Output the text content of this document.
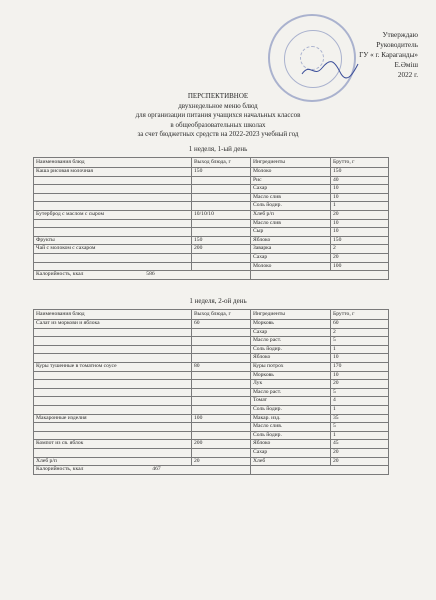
Утверждаю
Руководитель
ГУ « г. Караганды»
Е.Әміш
2022 г.
ПЕРСПЕКТИВНОЕ
двухнедельное меню блюд
для организации питания учащихся начальных классов
в общеобразовательных школах
за счет бюджетных средств на 2022-2023 учебный год
1 неделя, 1-ый день
Наименования блюд	Выход блюда, г	Ингредиенты	Брутто, г
Каша рисовая молочная	150	Молоко	150
		Рис	40
		Сахар	10
		Масло слив	10
		Соль йодир.	1
Бутерброд с маслом с сыром	10/10/10	Хлеб р/п	20
		Масло слив	10
		Сыр	10
Фрукты	150	Яблоко	150
Чай с молоком с сахаром	200	Заварка	2
		Сахар	20
		Молоко	100
Калорийность, ккал 586			
1 неделя, 2-ой день
Наименования блюд	Выход блюда, г	Ингредиенты	Брутто, г
Салат из моркови и яблока	60	Морковь	60
		Сахар	2
		Масло раст.	5
		Соль йодир.	1
		Яблоко	10
Куры тушенные в томатном соусе	80	Куры потрох	170
		Морковь	10
		Лук	20
		Масло раст.	5
		Томат	4
		Соль йодир.	1
Макаронные изделия	100	Макар. изд.	35
		Масло слив.	5
		Соль йодир.	1
Компот из св. яблок	200	Яблоко	45
		Сахар	20
Хлеб р/п	20	Хлеб	20
Калорийность, ккал 467			
